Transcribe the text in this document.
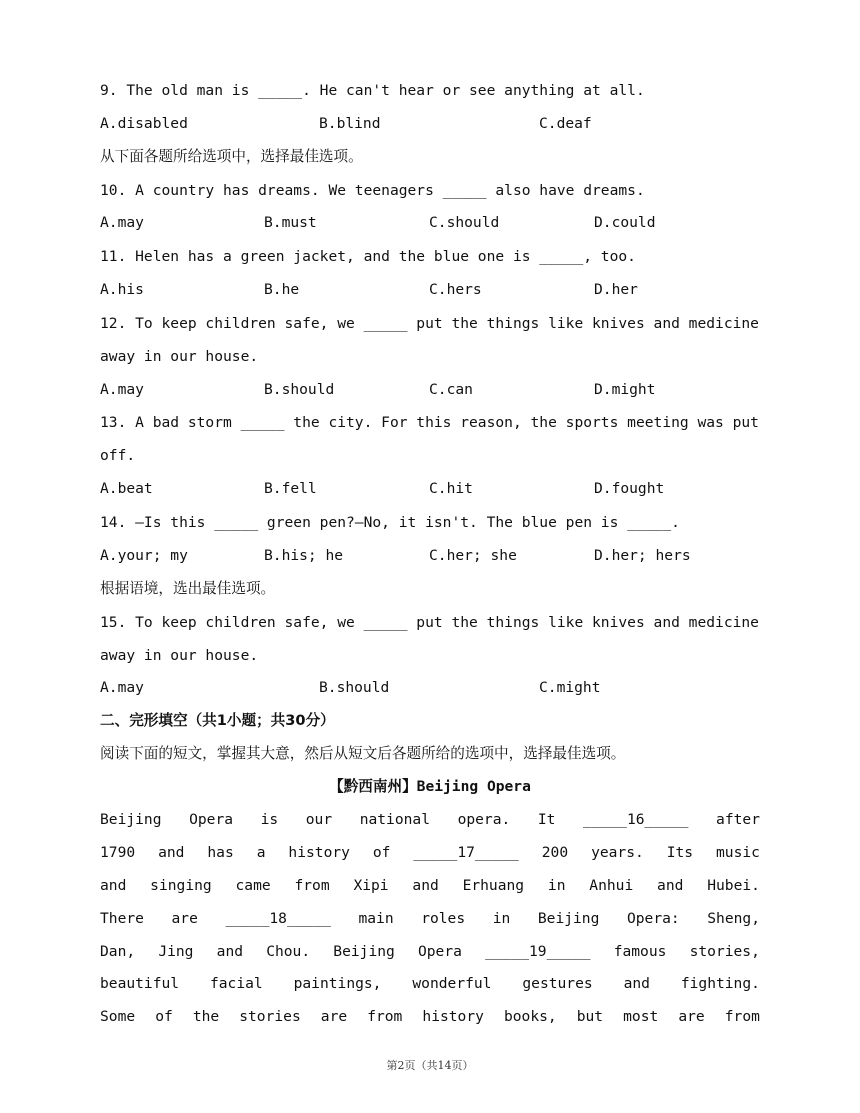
9. The old man is _____. He can't hear or see anything at all.
A.disabled	B.blind	C.deaf
从下面各题所给选项中，选择最佳选项。
10. A country has dreams. We teenagers _____ also have dreams.
A.may	B.must	C.should	D.could
11. Helen has a green jacket, and the blue one is _____, too.
A.his	B.he	C.hers	D.her
12. To keep children safe, we _____ put the things like knives and medicine
away in our house.
A.may	B.should	C.can	D.might
13. A bad storm _____ the city. For this reason, the sports meeting was put
off.
A.beat	B.fell	C.hit	D.fought
14. —Is this _____ green pen?—No, it isn't. The blue pen is _____.
A.your; my	B.his; he	C.her; she	D.her; hers
根据语境，选出最佳选项。
15. To keep children safe, we _____ put the things like knives and medicine
away in our house.
A.may	B.should	C.might
二、完形填空（共1小题；共30分）
阅读下面的短文，掌握其大意，然后从短文后各题所给的选项中，选择最佳选项。
【黔西南州】Beijing Opera
Beijing Opera is our national opera. It _____16_____ after
1790 and has a history of _____17_____ 200 years. Its music
and singing came from Xipi and Erhuang in Anhui and Hubei.
There are _____18_____ main roles in Beijing Opera: Sheng,
Dan, Jing and Chou. Beijing Opera _____19_____ famous stories,
beautiful facial paintings, wonderful gestures and fighting.
Some of the stories are from history books, but most are from
第2页（共14页）
